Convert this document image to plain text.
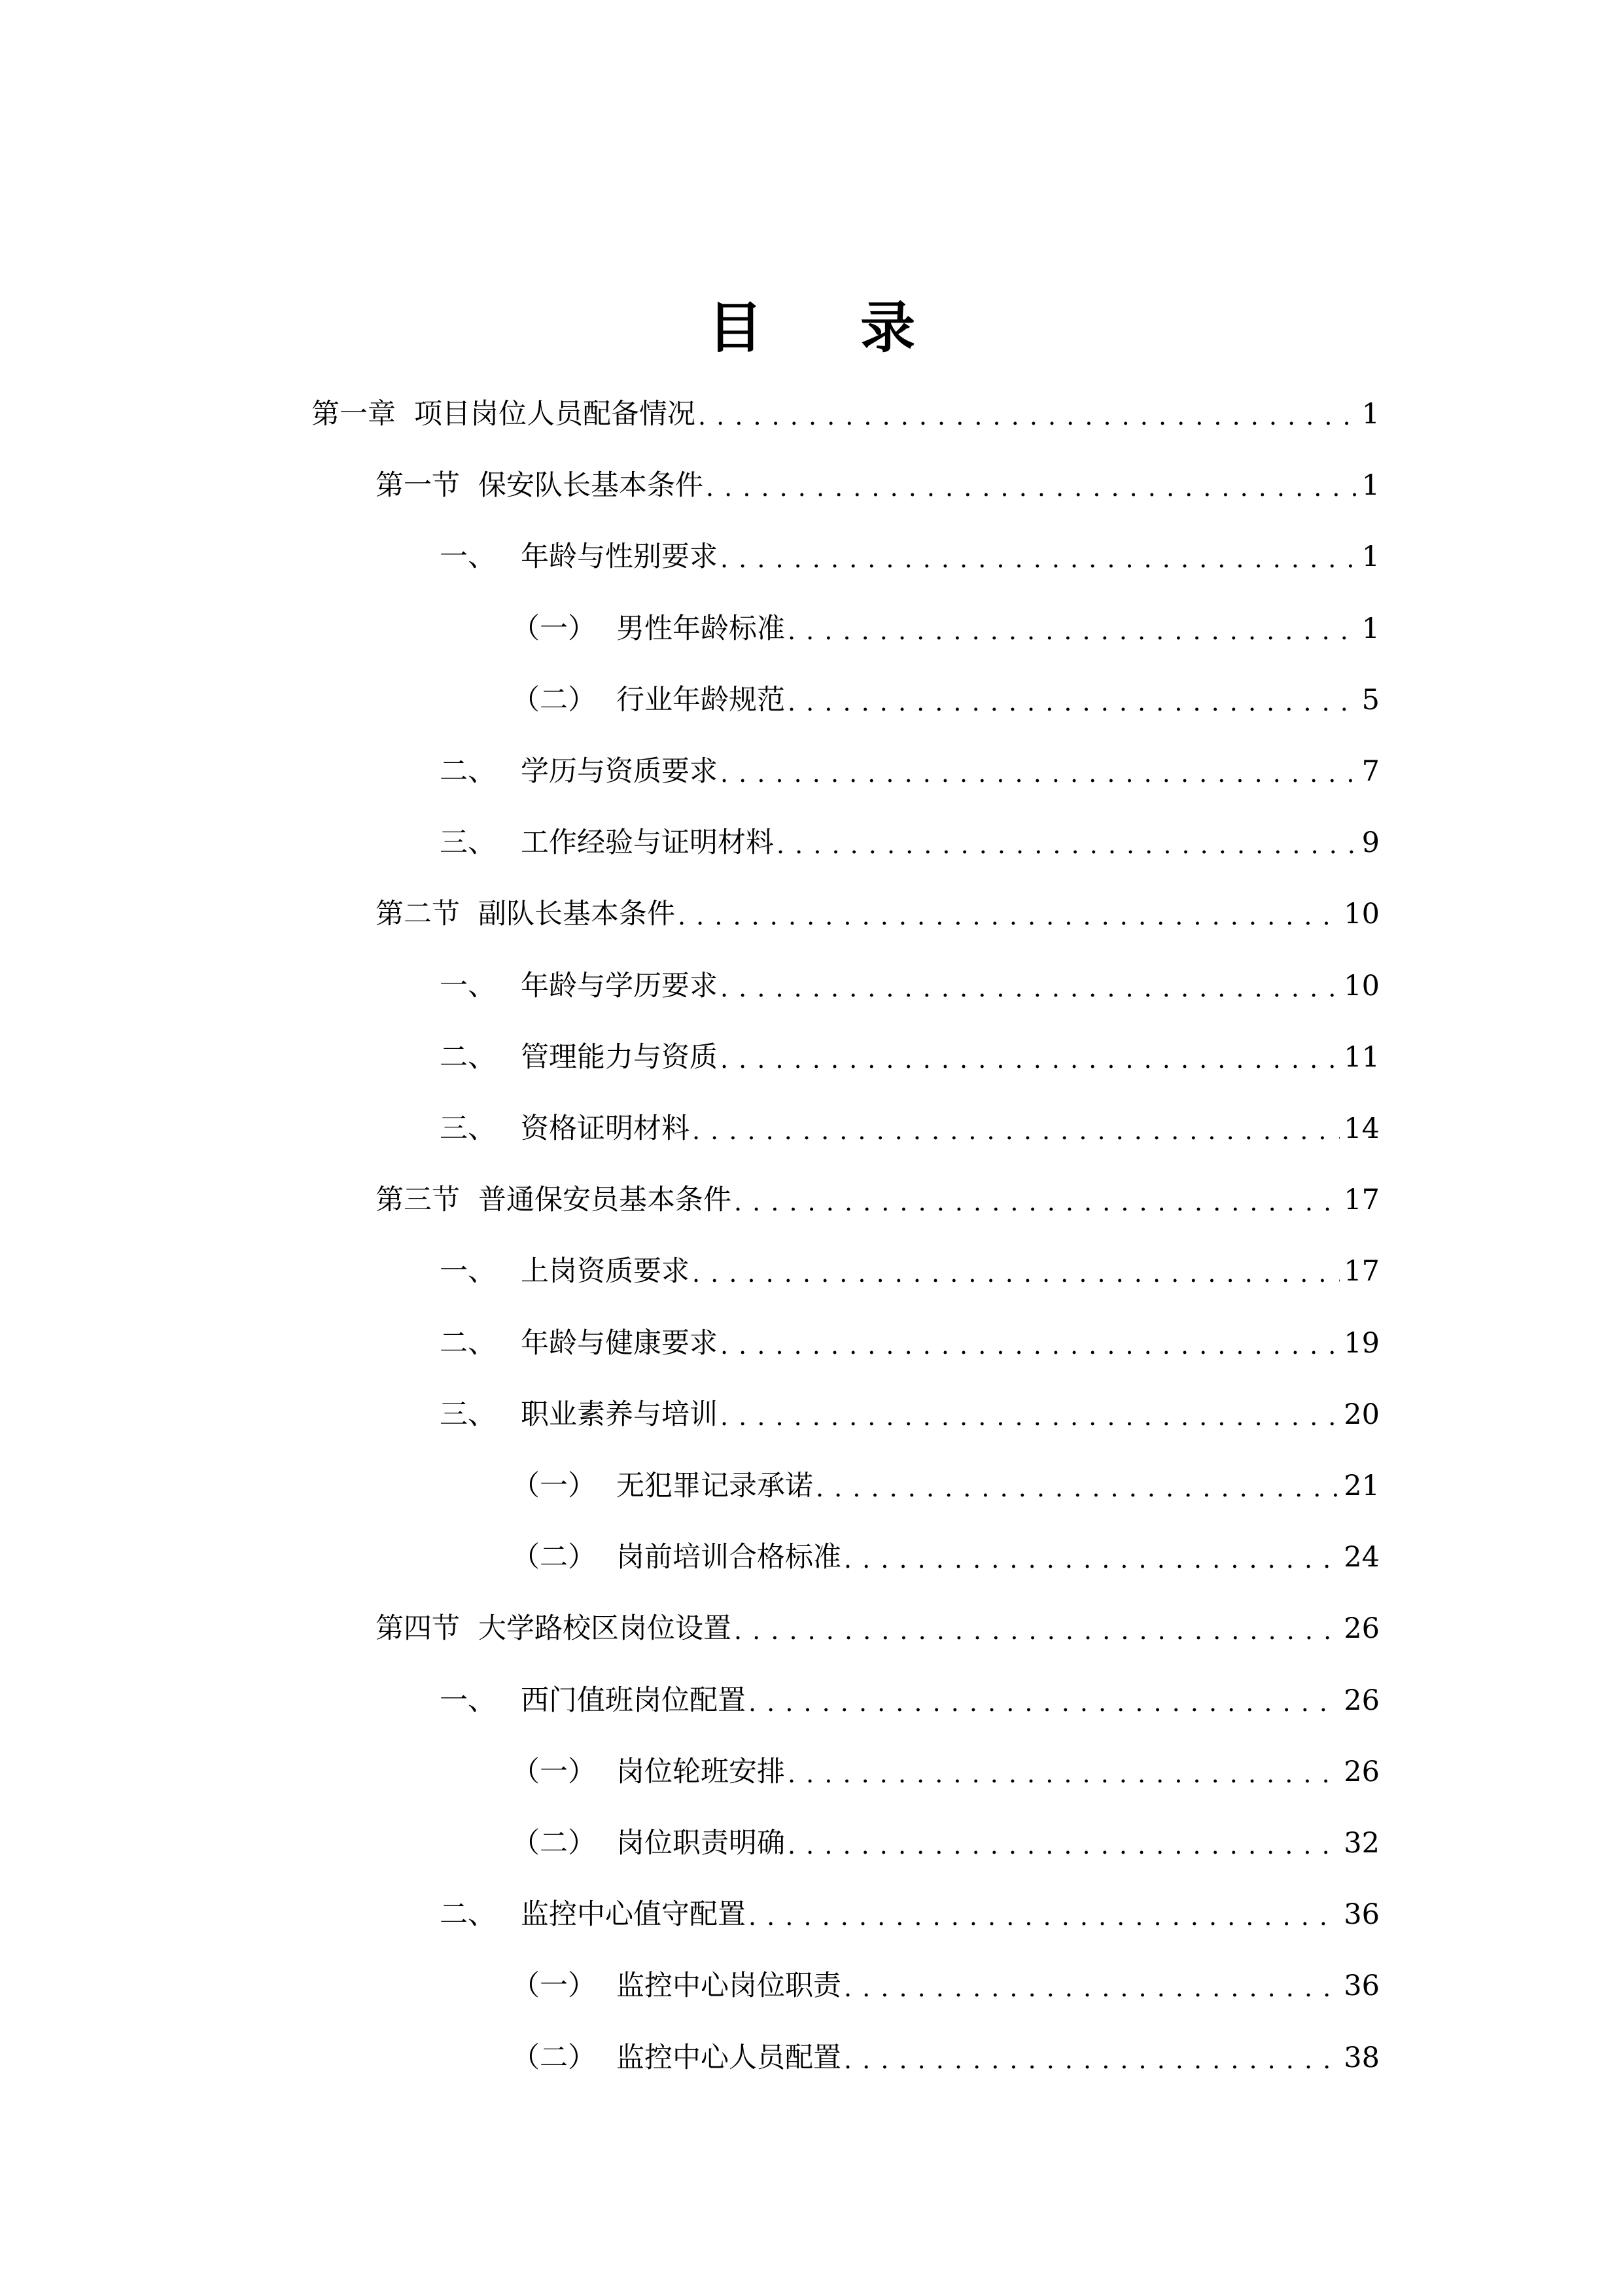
目 录
第一章 项目岗位人员配备情况 . . .	1
第一节 保安队长基本条件 . . .	1
一、 年龄与性别要求 . . .	1
（一） 男性年龄标准 . . .	1
（二） 行业年龄规范 . . .	5
二、 学历与资质要求 . . .	7
三、 工作经验与证明材料 . . .	9
第二节 副队长基本条件 . . .	10
一、 年龄与学历要求 . . .	10
二、 管理能力与资质 . . .	11
三、 资格证明材料 . . .	14
第三节 普通保安员基本条件 . . .	17
一、 上岗资质要求 . . .	17
二、 年龄与健康要求 . . .	19
三、 职业素养与培训 . . .	20
（一） 无犯罪记录承诺 . . .	21
（二） 岗前培训合格标准 . . .	24
第四节 大学路校区岗位设置 . . .	26
一、 西门值班岗位配置 . . .	26
（一） 岗位轮班安排 . . .	26
（二） 岗位职责明确 . . .	32
二、 监控中心值守配置 . . .	36
（一） 监控中心岗位职责 . . .	36
（二） 监控中心人员配置 . . .	38
